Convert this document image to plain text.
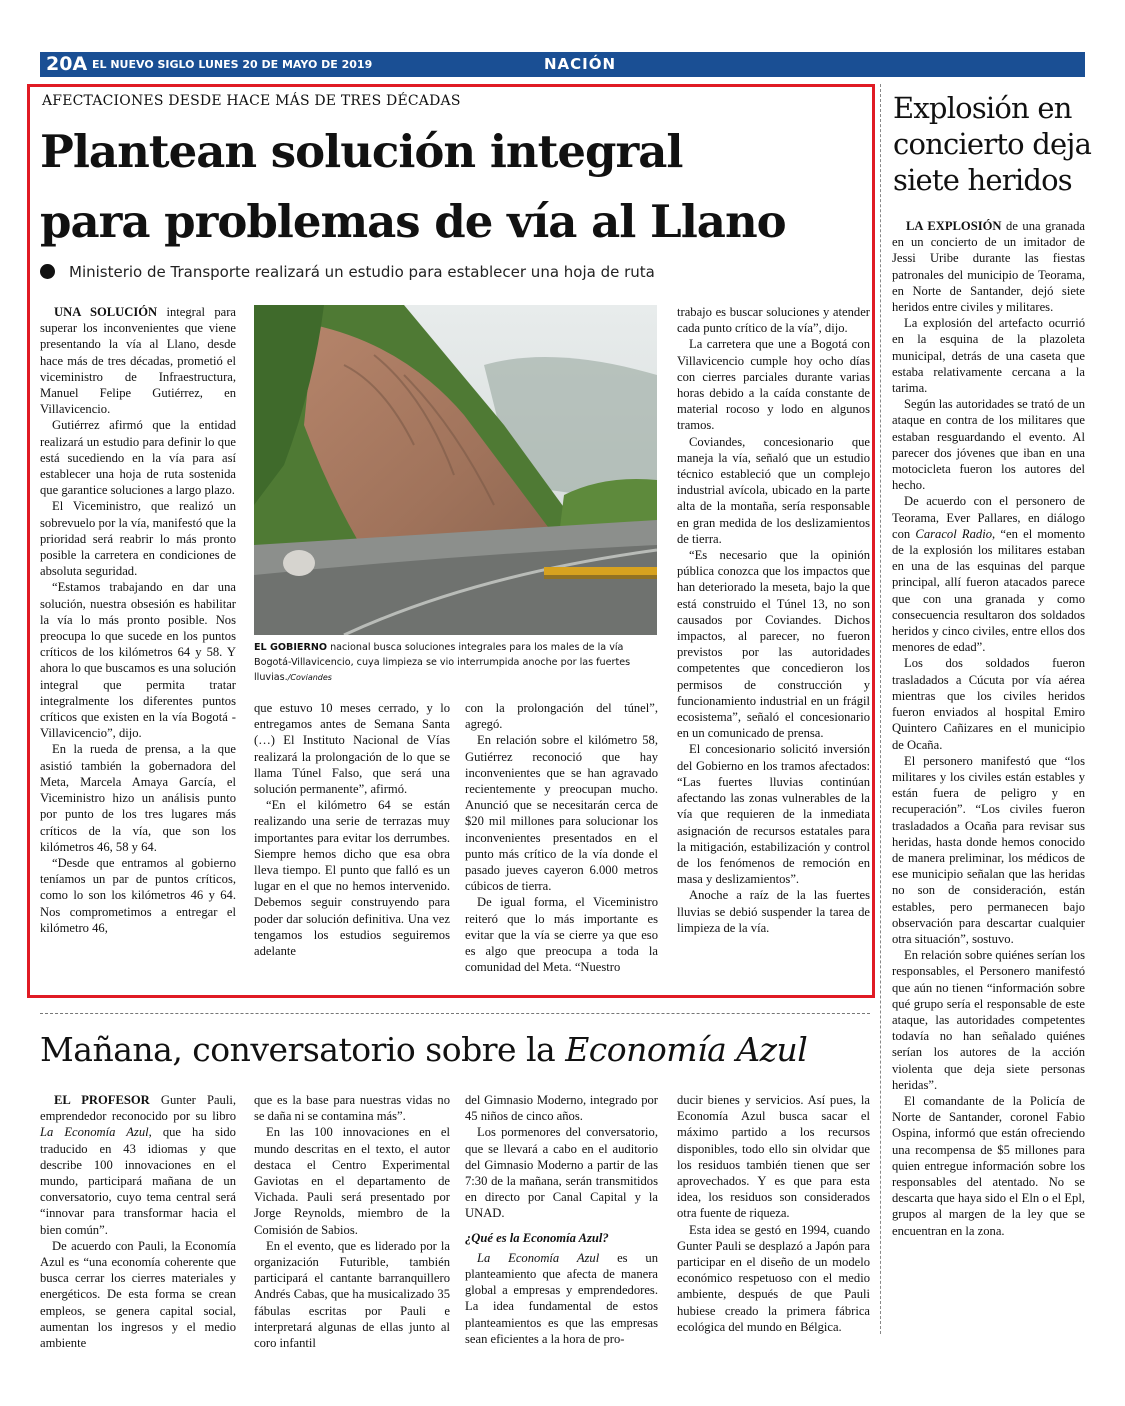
20A EL NUEVO SIGLO LUNES 20 DE MAYO DE 2019	NACIÓN
AFECTACIONES DESDE HACE MÁS DE TRES DÉCADAS
Plantean solución integral
para problemas de vía al Llano
Ministerio de Transporte realizará un estudio para establecer una hoja de ruta

UNA SOLUCIÓN integral para superar los inconvenientes que viene presentando la vía al Llano, desde hace más de tres décadas, prometió el viceministro de Infraestructura, Manuel Felipe Gutiérrez, en Villavicencio.

Gutiérrez afirmó que la entidad realizará un estudio para definir lo que está sucediendo en la vía para así establecer una hoja de ruta sostenida que garantice soluciones a largo plazo.

El Viceministro, que realizó un sobrevuelo por la vía, manifestó que la prioridad será reabrir lo más pronto posible la carretera en condiciones de absoluta seguridad.

“Estamos trabajando en dar una solución, nuestra obsesión es habilitar la vía lo más pronto posible. Nos preocupa lo que sucede en los puntos críticos de los kilómetros 64 y 58. Y ahora lo que buscamos es una solución integral que permita tratar integralmente los diferentes puntos críticos que existen en la vía Bogotá - Villavicencio”, dijo.

En la rueda de prensa, a la que asistió también la gobernadora del Meta, Marcela Amaya García, el Viceministro hizo un análisis punto por punto de los tres lugares más críticos de la vía, que son los kilómetros 46, 58 y 64.

“Desde que entramos al gobierno teníamos un par de puntos críticos, como lo son los kilómetros 46 y 64. Nos comprometimos a entregar el kilómetro 46,

EL GOBIERNO nacional busca soluciones integrales para los males de la vía Bogotá-Villavicencio, cuya limpieza se vio interrumpida anoche por las fuertes lluvias./Coviandes

que estuvo 10 meses cerrado, y lo entregamos antes de Semana Santa (…) El Instituto Nacional de Vías realizará la prolongación de lo que se llama Túnel Falso, que será una solución permanente”, afirmó.

“En el kilómetro 64 se están realizando una serie de terrazas muy importantes para evitar los derrumbes. Siempre hemos dicho que esa obra lleva tiempo. El punto que falló es un lugar en el que no hemos intervenido. Debemos seguir construyendo para poder dar solución definitiva. Una vez tengamos los estudios seguiremos adelante

con la prolongación del túnel”, agregó.

En relación sobre el kilómetro 58, Gutiérrez reconoció que hay inconvenientes que se han agravado recientemente y preocupan mucho. Anunció que se necesitarán cerca de $20 mil millones para solucionar los inconvenientes presentados en el punto más crítico de la vía donde el pasado jueves cayeron 6.000 metros cúbicos de tierra.

De igual forma, el Viceministro reiteró que lo más importante es evitar que la vía se cierre ya que eso es algo que preocupa a toda la comunidad del Meta. “Nuestro

trabajo es buscar soluciones y atender cada punto crítico de la vía”, dijo.

La carretera que une a Bogotá con Villavicencio cumple hoy ocho días con cierres parciales durante varias horas debido a la caída constante de material rocoso y lodo en algunos tramos.

Coviandes, concesionario que maneja la vía, señaló que un estudio técnico estableció que un complejo industrial avícola, ubicado en la parte alta de la montaña, sería responsable en gran medida de los deslizamientos de tierra.

“Es necesario que la opinión pública conozca que los impactos que han deteriorado la meseta, bajo la que está construido el Túnel 13, no son causados por Coviandes. Dichos impactos, al parecer, no fueron previstos por las autoridades competentes que concedieron los permisos de construcción y funcionamiento industrial en un frágil ecosistema”, señaló el concesionario en un comunicado de prensa.

El concesionario solicitó inversión del Gobierno en los tramos afectados: “Las fuertes lluvias continúan afectando las zonas vulnerables de la vía que requieren de la inmediata asignación de recursos estatales para la mitigación, estabilización y control de los fenómenos de remoción en masa y deslizamientos”.

Anoche a raíz de la las fuertes lluvias se debió suspender la tarea de limpieza de la vía.

Mañana, conversatorio sobre la Economía Azul

EL PROFESOR Gunter Pauli, emprendedor reconocido por su libro La Economía Azul, que ha sido traducido en 43 idiomas y que describe 100 innovaciones en el mundo, participará mañana de un conversatorio, cuyo tema central será “innovar para transformar hacia el bien común”.

De acuerdo con Pauli, la Economía Azul es “una economía coherente que busca cerrar los cierres materiales y energéticos. De esta forma se crean empleos, se genera capital social, aumentan los ingresos y el medio ambiente

que es la base para nuestras vidas no se daña ni se contamina más”.

En las 100 innovaciones en el mundo descritas en el texto, el autor destaca el Centro Experimental Gaviotas en el departamento de Vichada. Pauli será presentado por Jorge Reynolds, miembro de la Comisión de Sabios.

En el evento, que es liderado por la organización Futurible, también participará el cantante barranquillero Andrés Cabas, que ha musicalizado 35 fábulas escritas por Pauli e interpretará algunas de ellas junto al coro infantil

del Gimnasio Moderno, integrado por 45 niños de cinco años.

Los pormenores del conversatorio, que se llevará a cabo en el auditorio del Gimnasio Moderno a partir de las 7:30 de la mañana, serán transmitidos en directo por Canal Capital y la UNAD.

¿Qué es la Economía Azul?

La Economía Azul es un planteamiento que afecta de manera global a empresas y emprendedores. La idea fundamental de estos planteamientos es que las empresas sean eficientes a la hora de pro-

ducir bienes y servicios. Así pues, la Economía Azul busca sacar el máximo partido a los recursos disponibles, todo ello sin olvidar que los residuos también tienen que ser aprovechados. Y es que para esta idea, los residuos son considerados otra fuente de riqueza.

Esta idea se gestó en 1994, cuando Gunter Pauli se desplazó a Japón para participar en el diseño de un modelo económico respetuoso con el medio ambiente, después de que Pauli hubiese creado la primera fábrica ecológica del mundo en Bélgica.

Explosión en concierto deja siete heridos

LA EXPLOSIÓN de una granada en un concierto de un imitador de Jessi Uribe durante las fiestas patronales del municipio de Teorama, en Norte de Santander, dejó siete heridos entre civiles y militares.

La explosión del artefacto ocurrió en la esquina de la plazoleta municipal, detrás de una caseta que estaba relativamente cercana a la tarima.

Según las autoridades se trató de un ataque en contra de los militares que estaban resguardando el evento. Al parecer dos jóvenes que iban en una motocicleta fueron los autores del hecho.

De acuerdo con el personero de Teorama, Ever Pallares, en diálogo con Caracol Radio, “en el momento de la explosión los militares estaban en una de las esquinas del parque principal, allí fueron atacados parece que con una granada y como consecuencia resultaron dos soldados heridos y cinco civiles, entre ellos dos menores de edad”.

Los dos soldados fueron trasladados a Cúcuta por vía aérea mientras que los civiles heridos fueron enviados al hospital Emiro Quintero Cañizares en el municipio de Ocaña.

El personero manifestó que “los militares y los civiles están estables y están fuera de peligro y en recuperación”. “Los civiles fueron trasladados a Ocaña para revisar sus heridas, hasta donde hemos conocido de manera preliminar, los médicos de ese municipio señalan que las heridas no son de consideración, están estables, pero permanecen bajo observación para descartar cualquier otra situación”, sostuvo.

En relación sobre quiénes serían los responsables, el Personero manifestó que aún no tienen “información sobre qué grupo sería el responsable de este ataque, las autoridades competentes todavía no han señalado quiénes serían los autores de la acción violenta que deja siete personas heridas”.

El comandante de la Policía de Norte de Santander, coronel Fabio Ospina, informó que están ofreciendo una recompensa de $5 millones para quien entregue información sobre los responsables del atentado. No se descarta que haya sido el Eln o el Epl, grupos al margen de la ley que se encuentran en la zona.
